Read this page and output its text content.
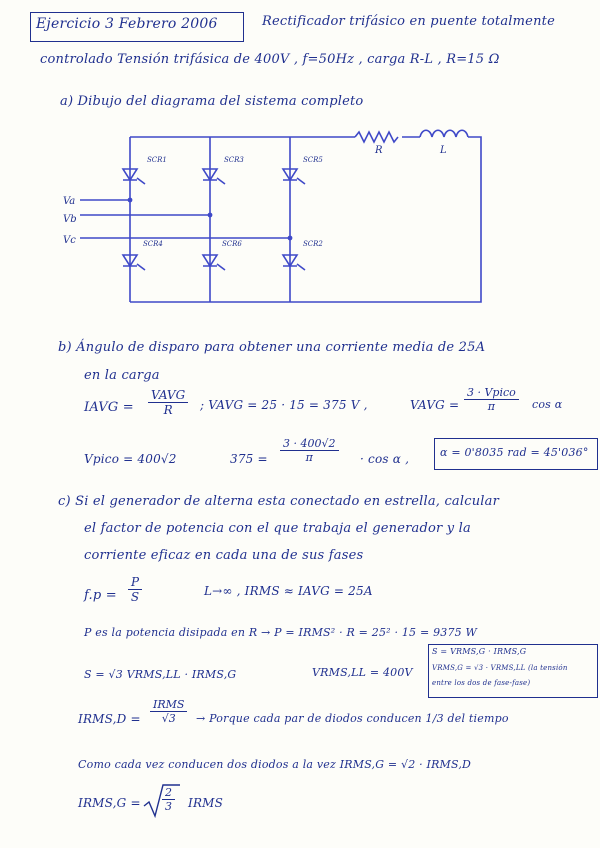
Ejercicio 3 Febrero 2006	Rectificador trifásico en puente totalmente
controlado Tensión trifásica de 400V , f=50Hz , carga R-L , R=15 Ω
a) Dibujo del diagrama del sistema completo
SCR1	SCR3	SCR5
SCR4	SCR6	SCR2
Va
Vb
Vc
R	L
b) Ángulo de disparo para obtener una corriente media de 25A
en la carga
IAVG =
VAVG
R	; VAVG = 25 · 15 = 375 V ,	VAVG =
3 · Vpico
π	cos α
Vpico = 400√2	$375 = \frac{3 \cdot 400√2}{\pi} \cdot \cos \alpha$ ,	α = 0'8035 rad = 45'036°
c) Si el generador de alterna esta conectado en estrella, calcular
el factor de potencia con el que trabaja el generador y la
corriente eficaz en cada una de sus fases
$f.p = \frac{P}{S}$	L→∞ , IRMS ≈ IAVG = 25A
P es la potencia disipada en R → P = IRMS² · R = 25² · 15 = 9375 W
S = √3 VRMS,LL · IRMS,G	VRMS,LL = 400V
S = VRMS,G · IRMS,G
VRMS,G = √3 · VRMS,LL (la tensión
entre los dos de fase-fase)
IRMS,D =
IRMS
√3	→ Porque cada par de diodos conducen 1/3 del tiempo
Como cada vez conducen dos diodos a la vez IRMS,G = √2 · IRMS,D
IRMS,G = $\frac{2}{3}$ IRMS
